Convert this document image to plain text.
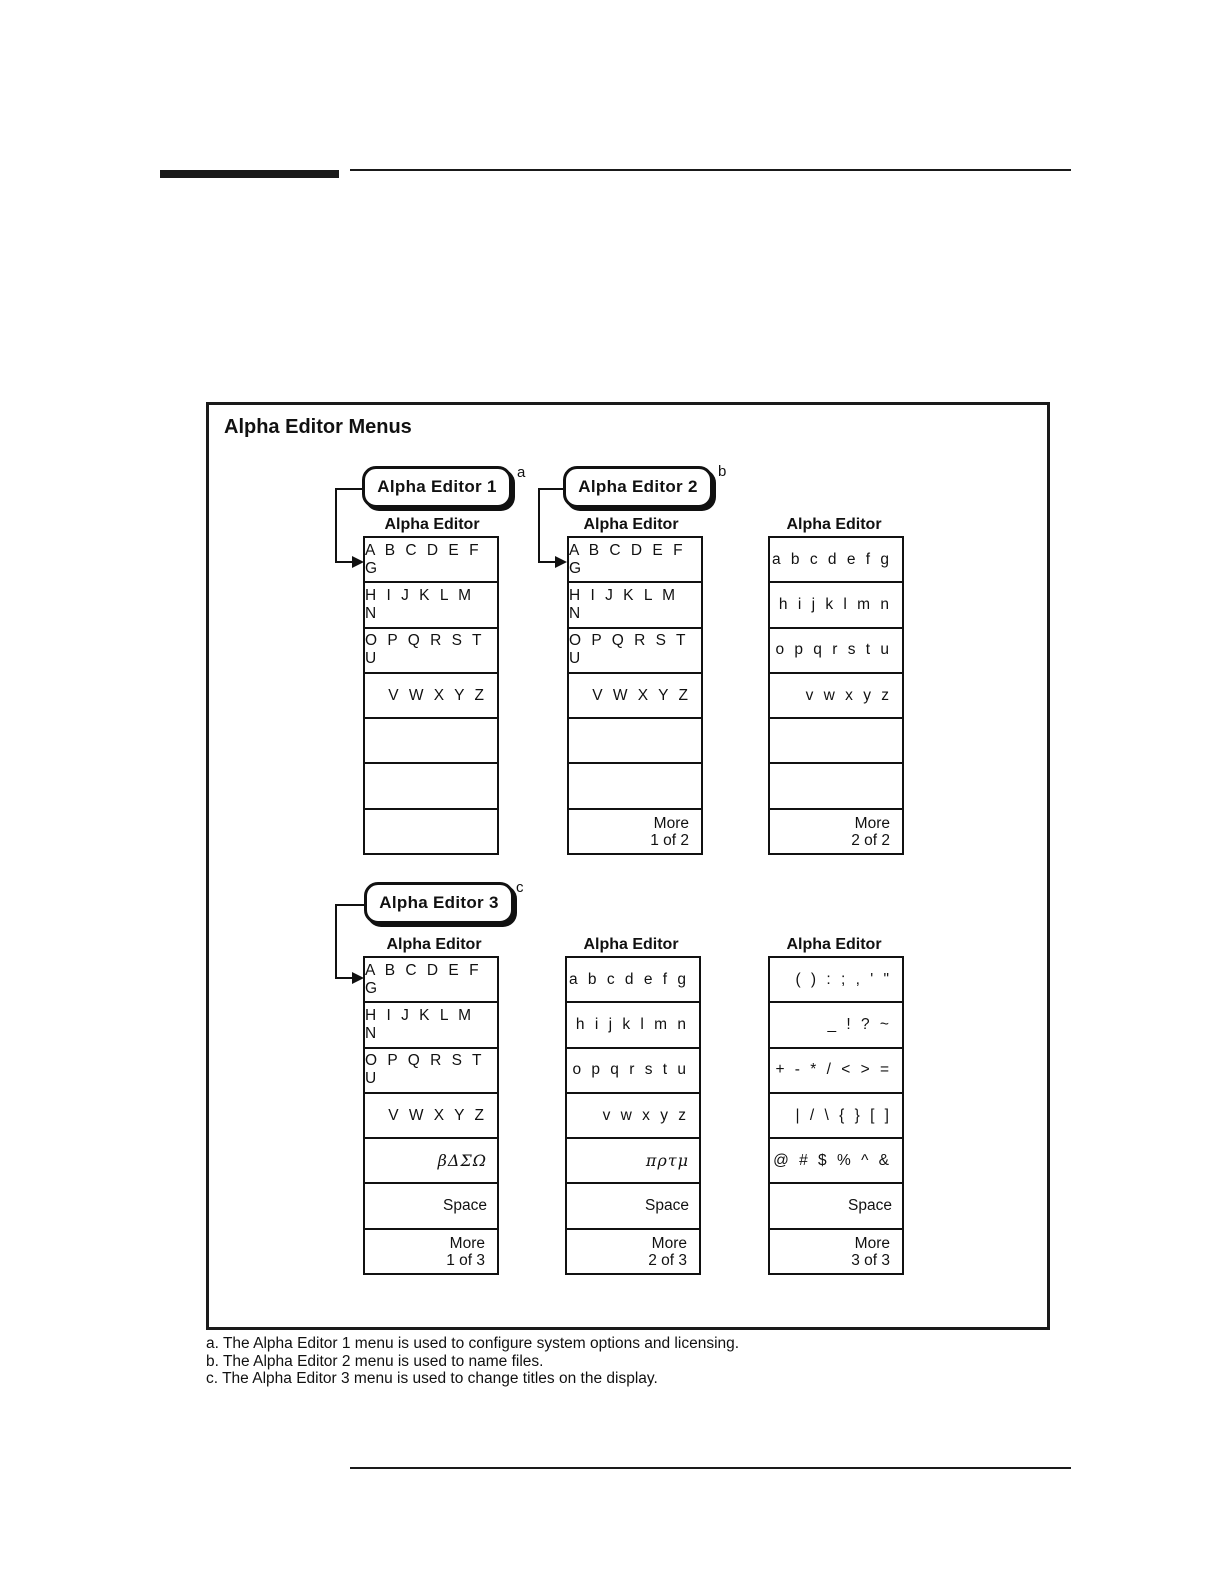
Alpha Editor Menus
Alpha Editor 1
a
Alpha Editor 2
b
Alpha Editor 3
c
Alpha Editor	Alpha Editor	Alpha Editor
Alpha Editor	Alpha Editor	Alpha Editor
A B C D E F G
H I J K L M N
O P Q R S T U
V W X Y Z
A B C D E F G
H I J K L M N
O P Q R S T U
V W X Y Z
More
1 of 2
a b c d e f g
h i j k l m n
o p q r s t u
v w x y z
More
2 of 2
A B C D E F G
H I J K L M N
O P Q R S T U
V W X Y Z
βΔΣΩ
Space
More
1 of 3
a b c d e f g
h i j k l m n
o p q r s t u
v w x y z
πρτμ
Space
More
2 of 3
( ) : ; , ' "
_ ! ? ~
+ - * / < > =
| / \ { } [ ]
@ # $ % ^ &
Space
More
3 of 3
a. The Alpha Editor 1 menu is used to configure system options and licensing.
b. The Alpha Editor 2 menu is used to name files.
c. The Alpha Editor 3 menu is used to change titles on the display.
